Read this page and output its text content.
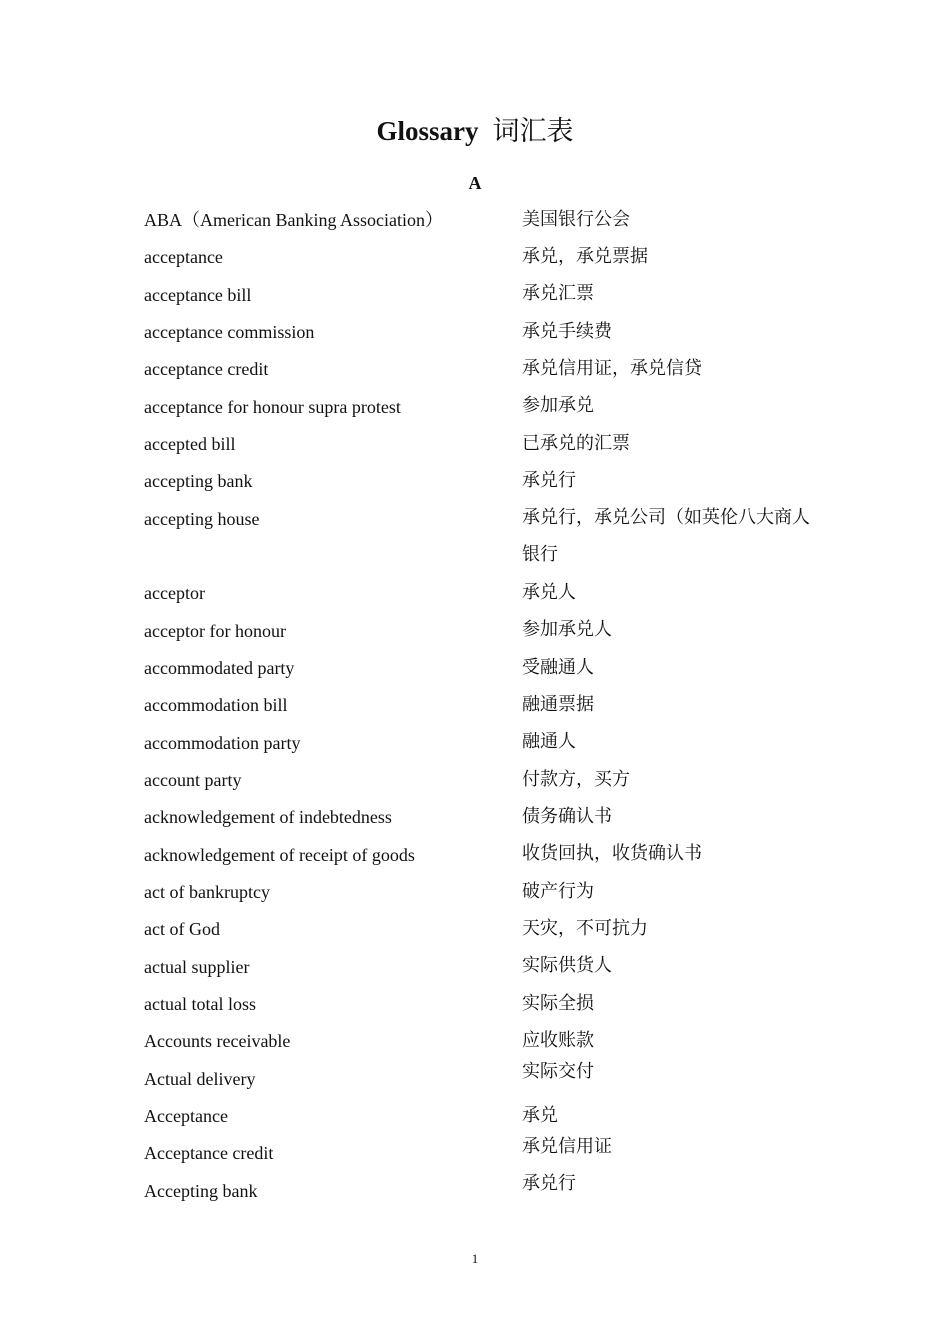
Glossary 词汇表
A
ABA（American Banking Association）	美国银行公会
acceptance	承兑，承兑票据
acceptance bill	承兑汇票
acceptance commission	承兑手续费
acceptance credit	承兑信用证，承兑信贷
acceptance for honour supra protest	参加承兑
accepted bill	已承兑的汇票
accepting bank	承兑行
accepting house	承兑行，承兑公司（如英伦八大商人银行
acceptor	承兑人
acceptor for honour	参加承兑人
accommodated party	受融通人
accommodation bill	融通票据
accommodation party	融通人
account party	付款方，买方
acknowledgement of indebtedness	债务确认书
acknowledgement of receipt of goods	收货回执，收货确认书
act of bankruptcy	破产行为
act of God	天灾，不可抗力
actual supplier	实际供货人
actual total loss	实际全损
Accounts receivable	应收账款
Actual delivery	实际交付
Acceptance	承兑
Acceptance credit	承兑信用证
Accepting bank	承兑行
1
